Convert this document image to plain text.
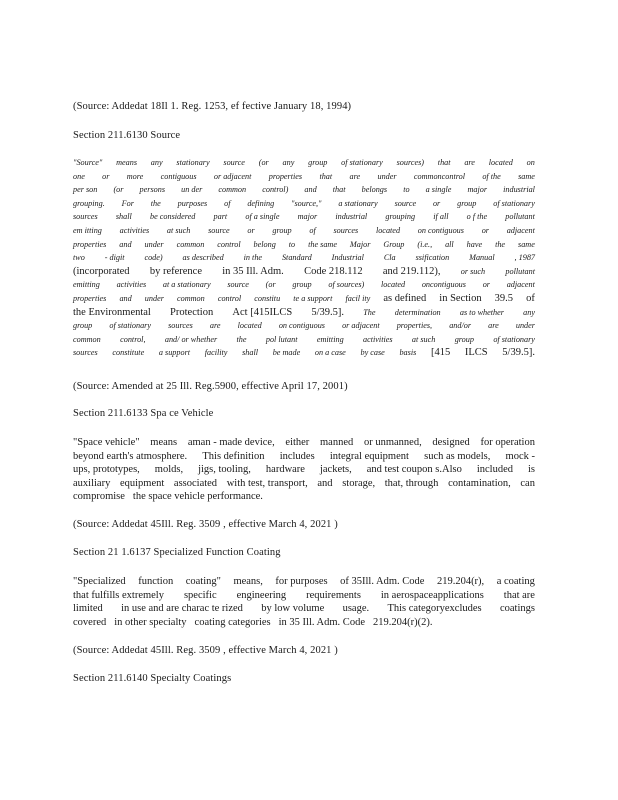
(Source: Addedat 18Il 1. Reg. 1253, ef fective January 18, 1994)
Section 211.6130 Source
"Source" means any stationary source (or any group of stationary sources) that are located on
one or more contiguous or adjacent properties that are under commoncontrol of the same
per son (or persons un der common control) and that belongs to a single major industrial
grouping. For the purposes of defining "source," a stationary source or group of stationary
sources shall be considered part of a single major industrial grouping if all o f the pollutant
em itting activities at such source or group of sources located on contiguous or adjacent
properties and under common control belong to the same Major Group (i.e., all have the same
two - digit code) as described in the Standard Industrial Cla ssification Manual , 1987
(incorporated by reference in 35 Ill. Adm. Code 218.112 and 219.112), or such pollutant
emitting activities at a stationary source (or group of sources) located oncontiguous or adjacent
properties and under common control constitu te a support facil ity as defined in Section 39.5 of
the Environmental Protection Act [415ILCS 5/39.5]. The determination as to whether any
group of stationary sources are located on contiguous or adjacent properties, and/or are under
common control, and/ or whether the pol lutant emitting activities at such group of stationary
sources constitute a support facility shall be made on a case by case basis [415 ILCS 5/39.5].
(Source: Amended at 25 Ill. Reg.5900, effective April 17, 2001)
Section 211.6133 Spa ce Vehicle
"Space vehicle" means aman - made device, either manned or unmanned, designed for operation
beyond earth's atmosphere. This definition includes integral equipment such as models, mock -
ups, prototypes, molds, jigs, tooling, hardware jackets, and test coupon s.Also included is
auxiliary equipment associated with test, transport, and storage, that, through contamination, can
compromise the space vehicle performance.
(Source: Addedat 45Ill. Reg. 3509 , effective March 4, 2021 )
Section 21 1.6137 Specialized Function Coating
"Specialized function coating" means, for purposes of 35Ill. Adm. Code 219.204(r), a coating
that fulfills extremely specific engineering requirements in aerospaceapplications that are
limited in use and are charac te rized by low volume usage. This categoryexcludes coatings
covered in other specialty coating categories in 35 Ill. Adm. Code 219.204(r)(2).
(Source: Addedat 45Ill. Reg. 3509 , effective March 4, 2021 )
Section 211.6140 Specialty Coatings
